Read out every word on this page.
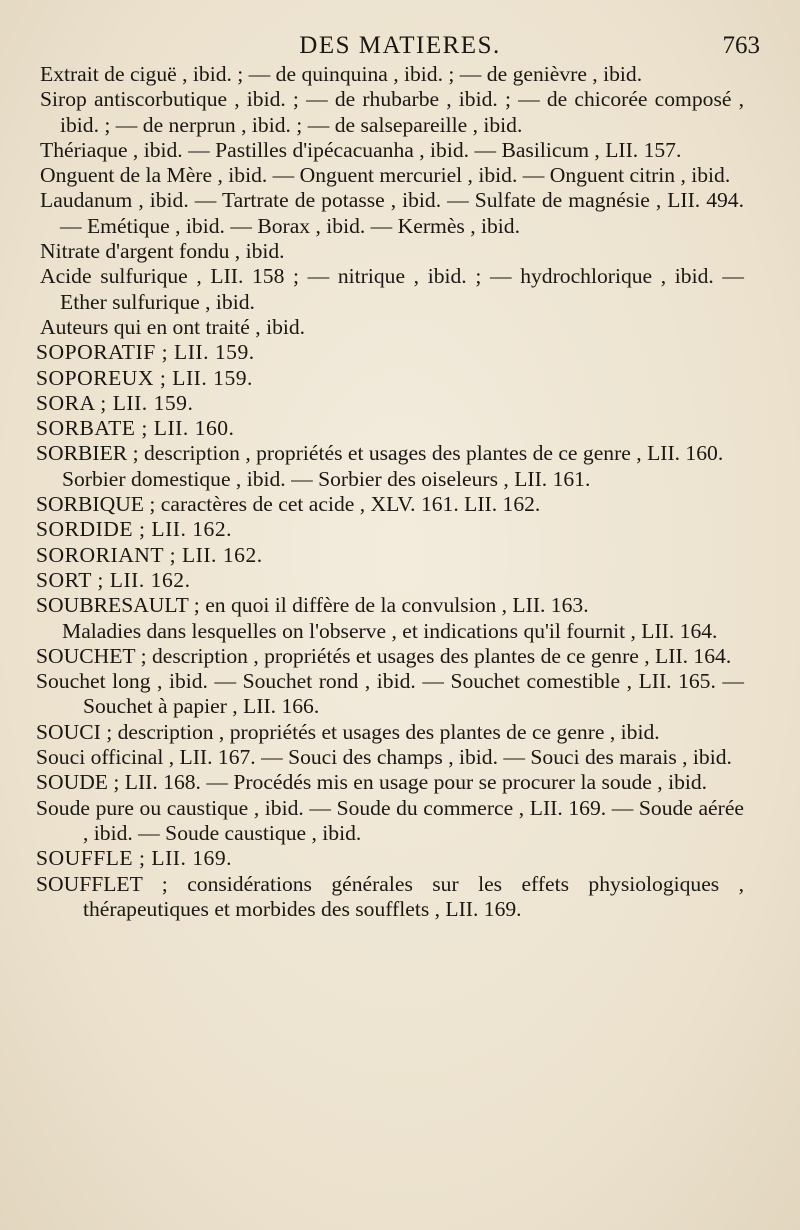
DES MATIERES.	763

Extrait de ciguë , ibid. ; — de quinquina , ibid. ; — de genièvre , ibid.

Sirop antiscorbutique , ibid. ; — de rhubarbe , ibid. ; — de chicorée composé , ibid. ; — de nerprun , ibid. ; — de salsepareille , ibid.

Thériaque , ibid. — Pastilles d'ipécacuanha , ibid. — Basilicum , LII. 157.

Onguent de la Mère , ibid. — Onguent mercuriel , ibid. — Onguent citrin , ibid.

Laudanum , ibid. — Tartrate de potasse , ibid. — Sulfate de magnésie , LII. 494. — Emétique , ibid. — Borax , ibid. — Kermès , ibid.

Nitrate d'argent fondu , ibid.

Acide sulfurique , LII. 158 ; — nitrique , ibid. ; — hydrochlorique , ibid. — Ether sulfurique , ibid.

Auteurs qui en ont traité , ibid.

SOPORATIF ; LII. 159.

SOPOREUX ; LII. 159.

SORA ; LII. 159.

SORBATE ; LII. 160.

SORBIER ; description , propriétés et usages des plantes de ce genre , LII. 160.

Sorbier domestique , ibid. — Sorbier des oiseleurs , LII. 161.

SORBIQUE ; caractères de cet acide , XLV. 161. LII. 162.

SORDIDE ; LII. 162.

SORORIANT ; LII. 162.

SORT ; LII. 162.

SOUBRESAULT ; en quoi il diffère de la convulsion , LII. 163.

Maladies dans lesquelles on l'observe , et indications qu'il fournit , LII. 164.

SOUCHET ; description , propriétés et usages des plantes de ce genre , LII. 164.

Souchet long , ibid. — Souchet rond , ibid. — Souchet comestible , LII. 165. — Souchet à papier , LII. 166.

SOUCI ; description , propriétés et usages des plantes de ce genre , ibid.

Souci officinal , LII. 167. — Souci des champs , ibid. — Souci des marais , ibid.

SOUDE ; LII. 168. — Procédés mis en usage pour se procurer la soude , ibid.

Soude pure ou caustique , ibid. — Soude du commerce , LII. 169. — Soude aérée , ibid. — Soude caustique , ibid.

SOUFFLE ; LII. 169.

SOUFFLET ; considérations générales sur les effets physiologiques , thérapeutiques et morbides des soufflets , LII. 169.
